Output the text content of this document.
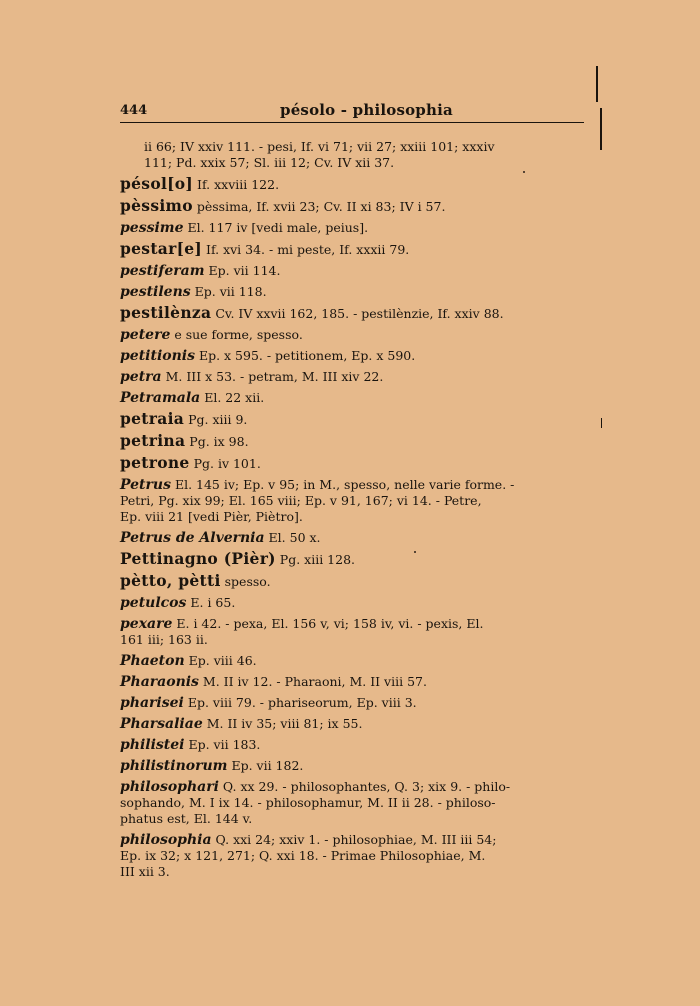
444	pésolo - philosophia
ii 66; IV xxiv 111. - pesi, If. vi 71; vii 27; xxiii 101; xxxiv
111; Pd. xxix 57; Sl. iii 12; Cv. IV xii 37.
pésol[o] If. xxviii 122.
pèssimo pèssima, If. xvii 23; Cv. II xi 83; IV i 57.
pessime El. 117 iv [vedi male, peius].
pestar[e] If. xvi 34. - mi peste, If. xxxii 79.
pestiferam Ep. vii 114.
pestilens Ep. vii 118.
pestilènza Cv. IV xxvii 162, 185. - pestilènzie, If. xxiv 88.
petere e sue forme, spesso.
petitionis Ep. x 595. - petitionem, Ep. x 590.
petra M. III x 53. - petram, M. III xiv 22.
Petramala El. 22 xii.
petraia Pg. xiii 9.
petrina Pg. ix 98.
petrone Pg. iv 101.
Petrus El. 145 iv; Ep. v 95; in M., spesso, nelle varie forme. -
Petri, Pg. xix 99; El. 165 viii; Ep. v 91, 167; vi 14. - Petre,
Ep. viii 21 [vedi Pièr, Piètro].
Petrus de Alvernia El. 50 x.
Pettinagno (Pièr) Pg. xiii 128.
pètto, pètti spesso.
petulcos E. i 65.
pexare E. i 42. - pexa, El. 156 v, vi; 158 iv, vi. - pexis, El.
161 iii; 163 ii.
Phaeton Ep. viii 46.
Pharaonis M. II iv 12. - Pharaoni, M. II viii 57.
pharisei Ep. viii 79. - phariseorum, Ep. viii 3.
Pharsaliae M. II iv 35; viii 81; ix 55.
philistei Ep. vii 183.
philistinorum Ep. vii 182.
philosophari Q. xx 29. - philosophantes, Q. 3; xix 9. - philo-
sophando, M. I ix 14. - philosophamur, M. II ii 28. - philoso-
phatus est, El. 144 v.
philosophia Q. xxi 24; xxiv 1. - philosophiae, M. III iii 54;
Ep. ix 32; x 121, 271; Q. xxi 18. - Primae Philosophiae, M.
III xii 3.
